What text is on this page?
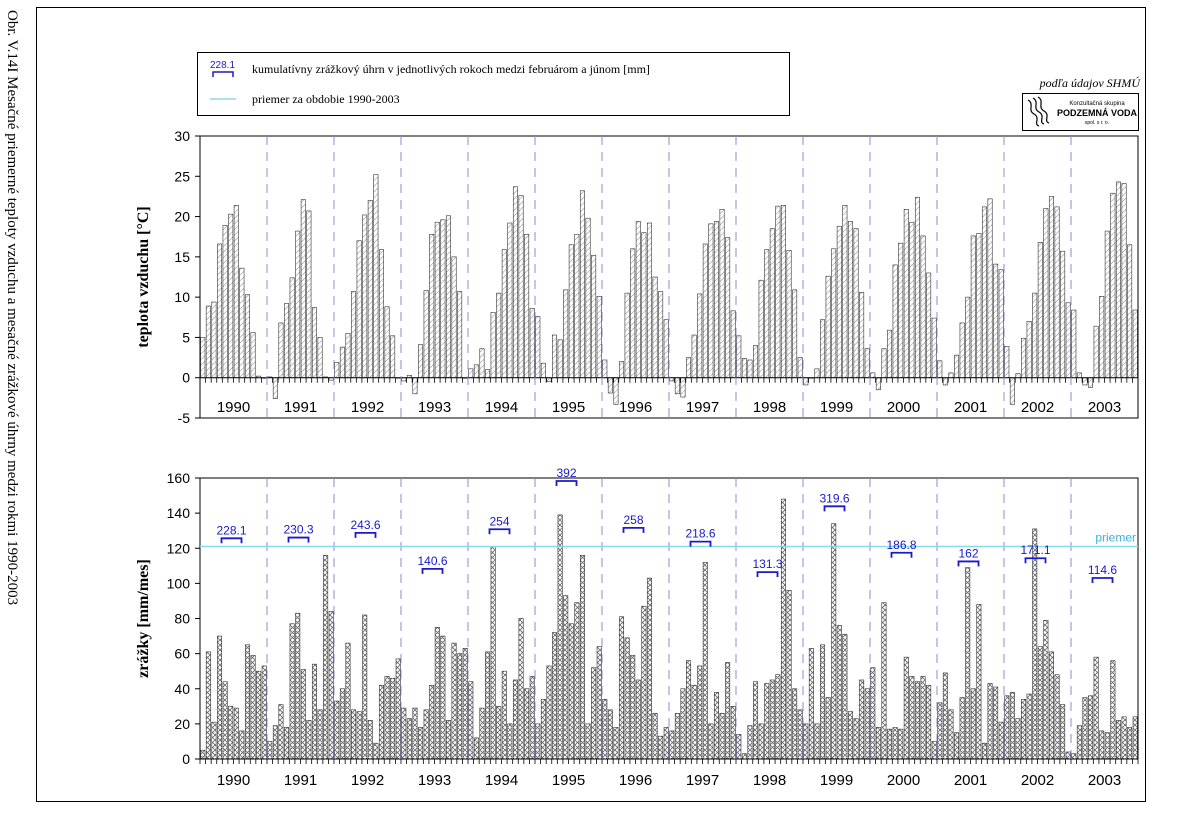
Obr. V.14I Mesačné priemerné teploty vzduchu a mesačné zrážkové úhrny medzi rokmi 1990-2003	228.1 kumulatívny zrážkový úhrn v jednotlivých rokoch medzi februárom a júnom [mm]
priemer za obdobie 1990-2003
podľa údajov SHMÚ
Konzultačná skupina
PODZEMNÁ VODA
spol. s r. o.
-5
0
5
10
15
20
25
30
teplota vzduchu [°C]
1990 1991 1992 1993 1994 1995 1996 1997 1998 1999 2000 2001 2002 2003
0
20
40
60
80
100
120
140
160
zrážky [mm/mes]
1990 1991 1992 1993 1994 1995 1996 1997 1998 1999 2000 2001 2002 2003
priemer
228.1	230.3	243.6
140.6
254
392
258
218.6
131.3
319.6
186.8
162	171.1
114.6
